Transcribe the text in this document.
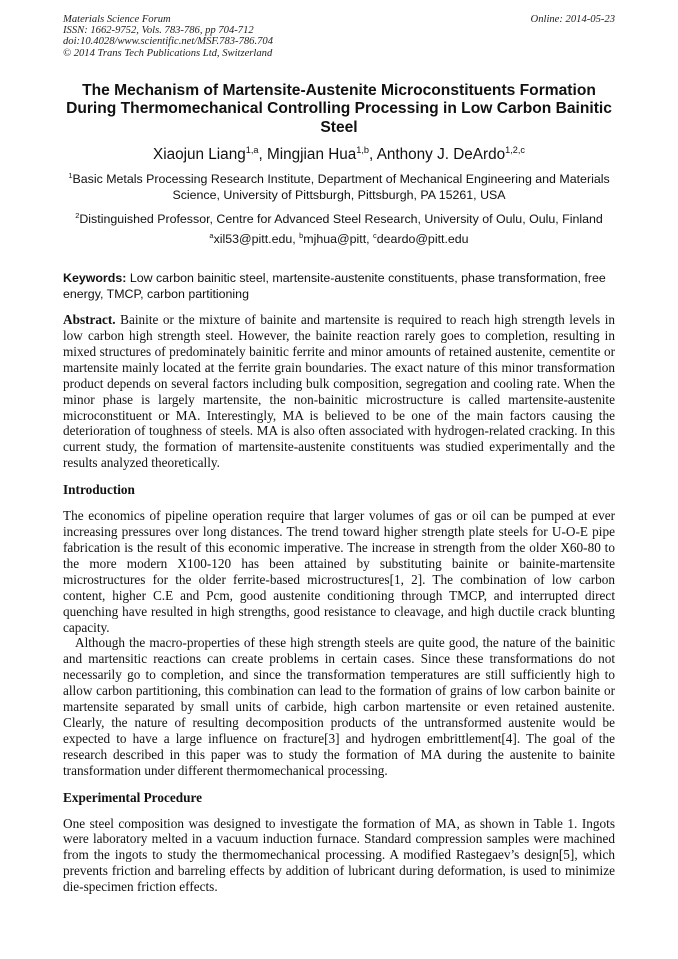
Materials Science Forum
ISSN: 1662-9752, Vols. 783-786, pp 704-712
doi:10.4028/www.scientific.net/MSF.783-786.704
© 2014 Trans Tech Publications Ltd, Switzerland
Online: 2014-05-23
The Mechanism of Martensite-Austenite Microconstituents Formation During Thermomechanical Controlling Processing in Low Carbon Bainitic Steel
Xiaojun Liang$^{1,a}$, Mingjian Hua$^{1,b}$, Anthony J. DeArdo$^{1,2,c}$
$^1$Basic Metals Processing Research Institute, Department of Mechanical Engineering and Materials Science, University of Pittsburgh, Pittsburgh, PA 15261, USA
$^2$Distinguished Professor, Centre for Advanced Steel Research, University of Oulu, Oulu, Finland
$^a$xil53@pitt.edu, $^b$mjhua@pitt, $^c$deardo@pitt.edu
Keywords: Low carbon bainitic steel, martensite-austenite constituents, phase transformation, free energy, TMCP, carbon partitioning
Abstract. Bainite or the mixture of bainite and martensite is required to reach high strength levels in low carbon high strength steel. However, the bainite reaction rarely goes to completion, resulting in mixed structures of predominately bainitic ferrite and minor amounts of retained austenite, cementite or martensite mainly located at the ferrite grain boundaries. The exact nature of this minor transformation product depends on several factors including bulk composition, segregation and cooling rate. When the minor phase is largely martensite, the non-bainitic microstructure is called martensite-austenite microconstituent or MA. Interestingly, MA is believed to be one of the main factors causing the deterioration of toughness of steels. MA is also often associated with hydrogen-related cracking. In this current study, the formation of martensite-austenite constituents was studied experimentally and the results analyzed theoretically.
Introduction
The economics of pipeline operation require that larger volumes of gas or oil can be pumped at ever increasing pressures over long distances. The trend toward higher strength plate steels for U-O-E pipe fabrication is the result of this economic imperative. The increase in strength from the older X60-80 to the more modern X100-120 has been attained by substituting bainite or bainite-martensite microstructures for the older ferrite-based microstructures[1, 2]. The combination of low carbon content, higher C.E and Pcm, good austenite conditioning through TMCP, and interrupted direct quenching have resulted in high strengths, good resistance to cleavage, and high ductile crack blunting capacity.
Although the macro-properties of these high strength steels are quite good, the nature of the bainitic and martensitic reactions can create problems in certain cases. Since these transformations do not necessarily go to completion, and since the transformation temperatures are still sufficiently high to allow carbon partitioning, this combination can lead to the formation of grains of low carbon bainite or martensite separated by small units of carbide, high carbon martensite or even retained austenite. Clearly, the nature of resulting decomposition products of the untransformed austenite would be expected to have a large influence on fracture[3] and hydrogen embrittlement[4]. The goal of the research described in this paper was to study the formation of MA during the austenite to bainite transformation under different thermomechanical processing.
Experimental Procedure
One steel composition was designed to investigate the formation of MA, as shown in Table 1. Ingots were laboratory melted in a vacuum induction furnace. Standard compression samples were machined from the ingots to study the thermomechanical processing. A modified Rastegaev’s design[5], which prevents friction and barreling effects by addition of lubricant during deformation, is used to minimize die-specimen friction effects.
